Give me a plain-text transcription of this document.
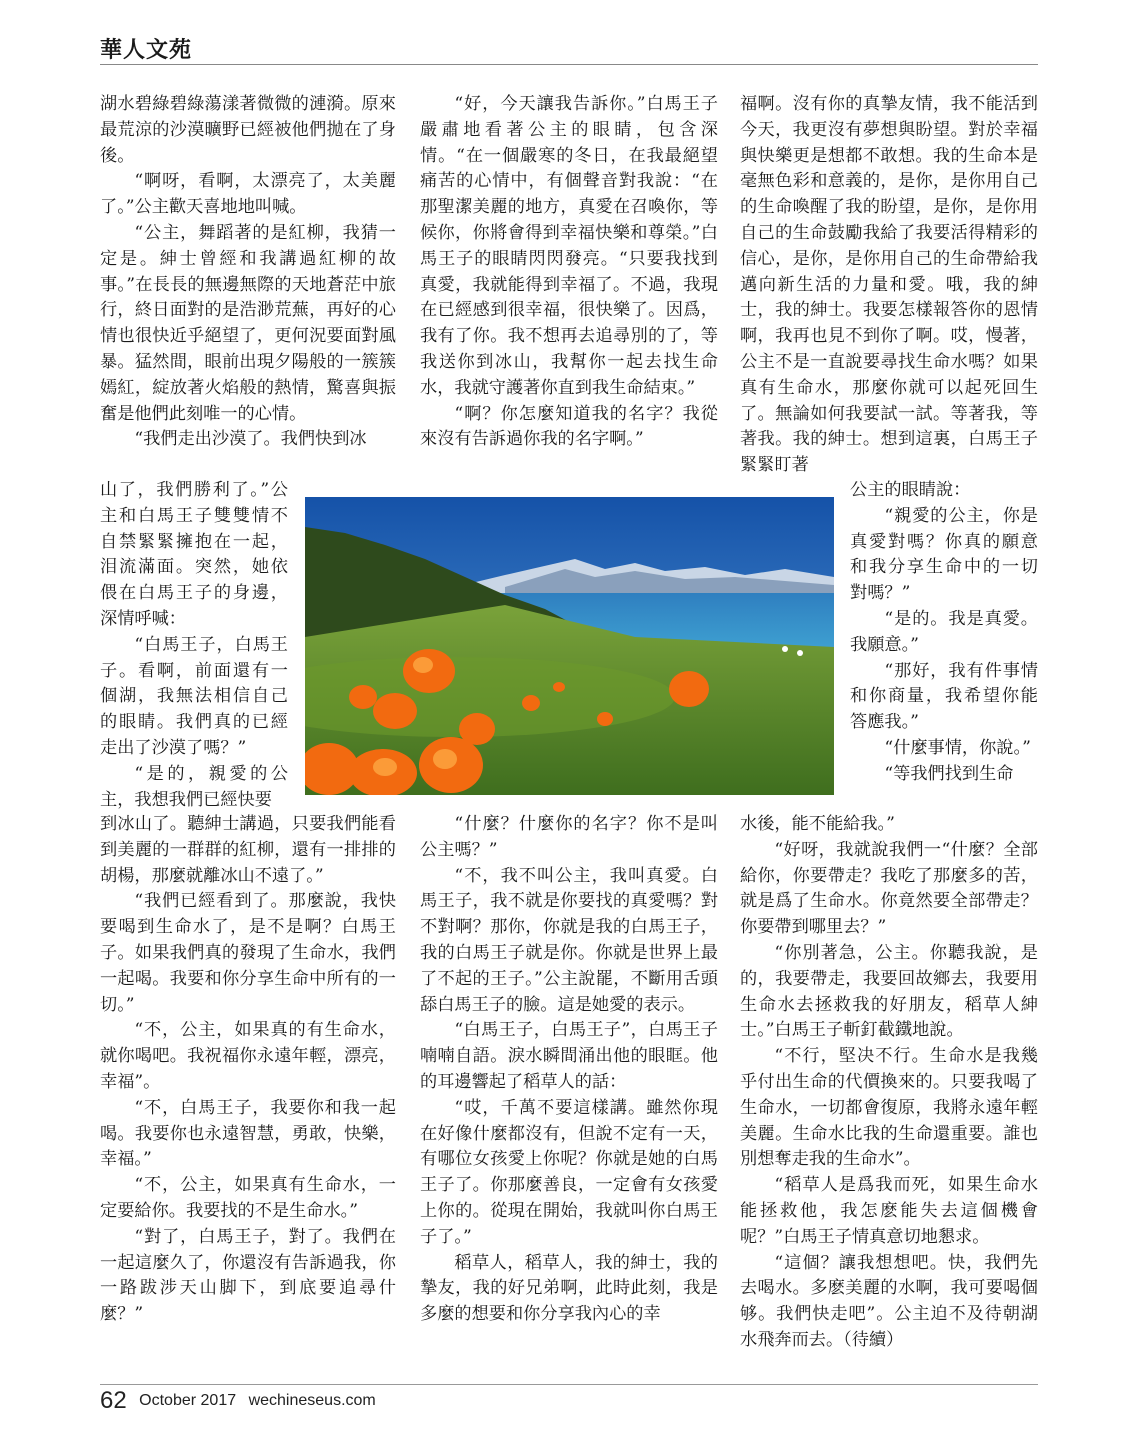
華人文苑

湖水碧綠碧綠蕩漾著微微的漣漪。原來最荒涼的沙漠曠野已經被他們拋在了身後。

“啊呀，看啊，太漂亮了，太美麗了。”公主歡天喜地地叫喊。

“公主，舞蹈著的是紅柳，我猜一定是。紳士曾經和我講過紅柳的故事。”在長長的無邊無際的天地蒼茫中旅行，終日面對的是浩渺荒蕪，再好的心情也很快近乎絕望了，更何況要面對風暴。猛然間，眼前出現夕陽般的一簇簇嫣紅，綻放著火焰般的熱情，驚喜與振奮是他們此刻唯一的心情。

“我們走出沙漠了。我們快到冰

山了，我們勝利了。”公主和白馬王子雙雙情不自禁緊緊擁抱在一起，泪流滿面。突然，她依偎在白馬王子的身邊，深情呼喊：

“白馬王子，白馬王子。看啊，前面還有一個湖，我無法相信自己的眼睛。我們真的已經走出了沙漠了嗎？”

“是的，親愛的公主，我想我們已經快要

到冰山了。聽紳士講過，只要我們能看到美麗的一群群的紅柳，還有一排排的胡楊，那麼就離冰山不遠了。”

“我們已經看到了。那麼說，我快要喝到生命水了，是不是啊？白馬王子。如果我們真的發現了生命水，我們一起喝。我要和你分享生命中所有的一切。”

“不，公主，如果真的有生命水，就你喝吧。我祝福你永遠年輕，漂亮，幸福”。

“不，白馬王子，我要你和我一起喝。我要你也永遠智慧，勇敢，快樂，幸福。”

“不，公主，如果真有生命水，一定要給你。我要找的不是生命水。”

“對了，白馬王子，對了。我們在一起這麼久了，你還沒有告訴過我，你一路跋涉天山脚下，到底要追尋什麼？”

“好，今天讓我告訴你。”白馬王子嚴肅地看著公主的眼睛，包含深情。“在一個嚴寒的冬日，在我最絕望痛苦的心情中，有個聲音對我說：“在那聖潔美麗的地方，真愛在召喚你，等候你，你將會得到幸福快樂和尊榮。”白馬王子的眼睛閃閃發亮。“只要我找到真愛，我就能得到幸福了。不過，我現在已經感到很幸福，很快樂了。因爲，我有了你。我不想再去追尋別的了，等我送你到冰山，我幫你一起去找生命水，我就守護著你直到我生命結束。”

“啊？你怎麼知道我的名字？我從來沒有告訴過你我的名字啊。”

“什麼？什麼你的名字？你不是叫公主嗎？”

“不，我不叫公主，我叫真愛。白馬王子，我不就是你要找的真愛嗎？對不對啊？那你，你就是我的白馬王子，我的白馬王子就是你。你就是世界上最了不起的王子。”公主說罷，不斷用舌頭舔白馬王子的臉。這是她愛的表示。

“白馬王子，白馬王子”，白馬王子喃喃自語。淚水瞬間涌出他的眼眶。他的耳邊響起了稻草人的話：

“哎，千萬不要這樣講。雖然你現在好像什麼都沒有，但說不定有一天，有哪位女孩愛上你呢？你就是她的白馬王子了。你那麼善良，一定會有女孩愛上你的。從現在開始，我就叫你白馬王子了。”

稻草人，稻草人，我的紳士，我的摯友，我的好兄弟啊，此時此刻，我是多麼的想要和你分享我內心的幸

福啊。沒有你的真摯友情，我不能活到今天，我更沒有夢想與盼望。對於幸福與快樂更是想都不敢想。我的生命本是毫無色彩和意義的，是你，是你用自己的生命喚醒了我的盼望，是你，是你用自己的生命鼓勵我給了我要活得精彩的信心，是你，是你用自己的生命帶給我邁向新生活的力量和愛。哦，我的紳士，我的紳士。我要怎樣報答你的恩情啊，我再也見不到你了啊。哎，慢著，公主不是一直說要尋找生命水嗎？如果真有生命水，那麼你就可以起死回生了。無論如何我要試一試。等著我，等著我。我的紳士。想到這裏，白馬王子緊緊盯著

公主的眼睛說：

“親愛的公主，你是真愛對嗎？你真的願意和我分享生命中的一切對嗎？”

“是的。我是真愛。我願意。”

“那好，我有件事情和你商量，我希望你能答應我。”

“什麼事情，你說。”

“等我們找到生命

水後，能不能給我。”

“好呀，我就說我們一“什麼？全部給你，你要帶走？我吃了那麼多的苦，就是爲了生命水。你竟然要全部帶走？你要帶到哪里去？”

“你別著急，公主。你聽我說，是的，我要帶走，我要回故鄉去，我要用生命水去拯救我的好朋友，稻草人紳士。”白馬王子斬釘截鐵地說。

“不行，堅决不行。生命水是我幾乎付出生命的代價換來的。只要我喝了生命水，一切都會復原，我將永遠年輕美麗。生命水比我的生命還重要。誰也別想奪走我的生命水”。

“稻草人是爲我而死，如果生命水能拯救他，我怎麽能失去這個機會呢？”白馬王子情真意切地懇求。

“這個？讓我想想吧。快，我們先去喝水。多麽美麗的水啊，我可要喝個够。我們快走吧”。公主迫不及待朝湖水飛奔而去。（待續）

62 October 2017 wechineseus.com
